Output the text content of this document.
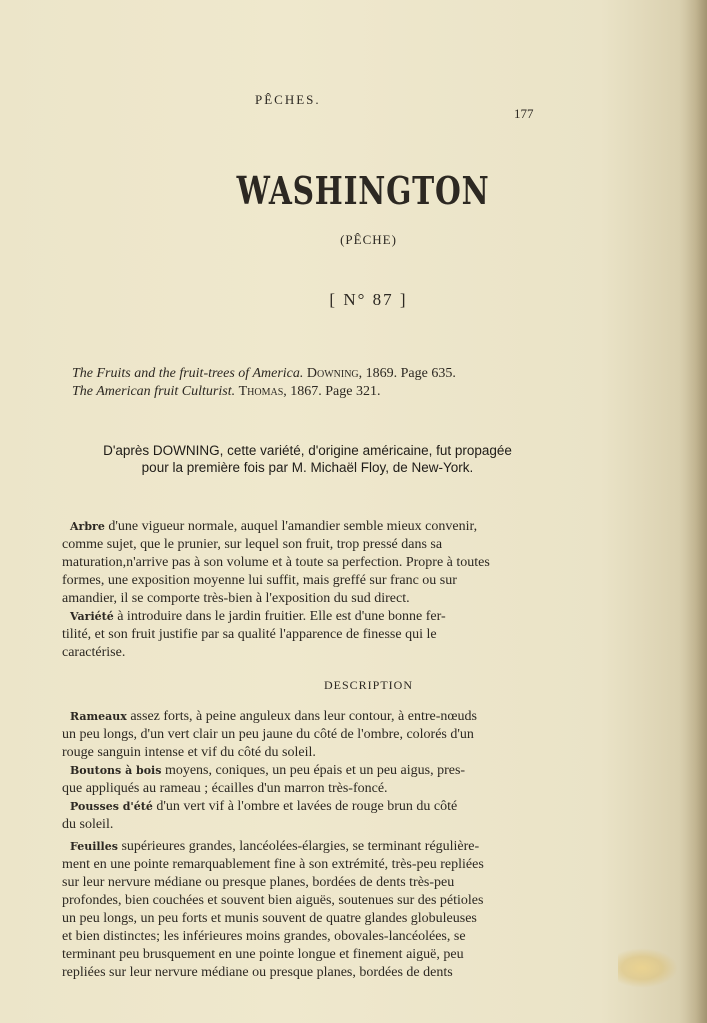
PÊCHES.
177
WASHINGTON
(PÊCHE)
[ N° 87 ]
The Fruits and the fruit-trees of America. Downing, 1869. Page 635.
The American fruit Culturist. Thomas, 1867. Page 321.
D'après DOWNING, cette variété, d'origine américaine, fut propagée
pour la première fois par M. Michaël Floy, de New-York.
Arbre d'une vigueur normale, auquel l'amandier semble mieux convenir,
comme sujet, que le prunier, sur lequel son fruit, trop pressé dans sa
maturation,n'arrive pas à son volume et à toute sa perfection. Propre à toutes
formes, une exposition moyenne lui suffit, mais greffé sur franc ou sur
amandier, il se comporte très-bien à l'exposition du sud direct.
Variété à introduire dans le jardin fruitier. Elle est d'une bonne fer-
tilité, et son fruit justifie par sa qualité l'apparence de finesse qui le
caractérise.
DESCRIPTION
Rameaux assez forts, à peine anguleux dans leur contour, à entre-nœuds
un peu longs, d'un vert clair un peu jaune du côté de l'ombre, colorés d'un
rouge sanguin intense et vif du côté du soleil.
Boutons à bois moyens, coniques, un peu épais et un peu aigus, pres-
que appliqués au rameau ; écailles d'un marron très-foncé.
Pousses d'été d'un vert vif à l'ombre et lavées de rouge brun du côté
du soleil.
Feuilles supérieures grandes, lancéolées-élargies, se terminant régulière-
ment en une pointe remarquablement fine à son extrémité, très-peu repliées
sur leur nervure médiane ou presque planes, bordées de dents très-peu
profondes, bien couchées et souvent bien aiguës, soutenues sur des pétioles
un peu longs, un peu forts et munis souvent de quatre glandes globuleuses
et bien distinctes; les inférieures moins grandes, obovales-lancéolées, se
terminant peu brusquement en une pointe longue et finement aiguë, peu
repliées sur leur nervure médiane ou presque planes, bordées de dents
